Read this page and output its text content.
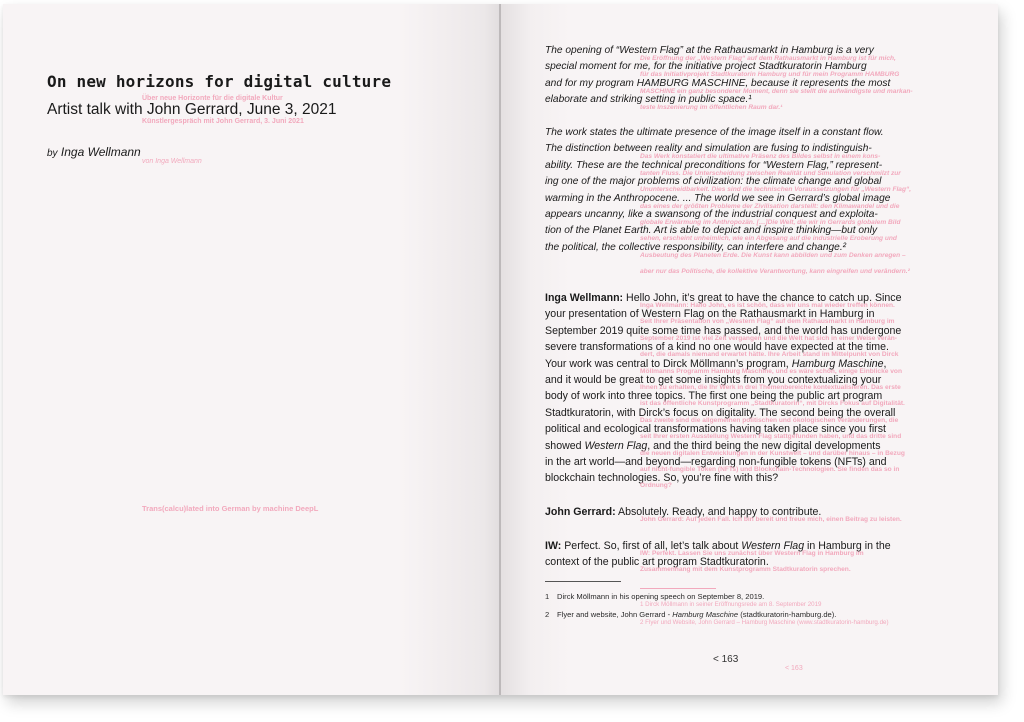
On new horizons for digital culture
Über neue Horizonte für die digitale Kultur
Artist talk with John Gerrard, June 3, 2021
Künstlergespräch mit John Gerrard, 3. Juni 2021
by Inga Wellmann
von Inga Wellmann
Trans(calcu)lated into German by machine DeepL
The opening of “Western Flag” at the Rathausmarkt in Hamburg is a very
Die Eröffnung der „Western Flag“ auf dem Rathausmarkt in Hamburg ist für mich,
special moment for me, for the initiative project Stadtkuratorin Hamburg
für das Initiativprojekt Stadtkuratorin Hamburg und für mein Programm HAMBURG
and for my program HAMBURG MASCHINE, because it represents the most
MASCHINE ein ganz besonderer Moment, denn sie stellt die aufwändigste und markan-
elaborate and striking setting in public space.¹
teste Inszenierung im öffentlichen Raum dar.¹
The work states the ultimate presence of the image itself in a constant flow.
The distinction between reality and simulation are fusing to indistinguish-
Das Werk konstatiert die ultimative Präsenz des Bildes selbst in einem kons-
ability. These are the technical preconditions for “Western Flag,” represent-
tanten Fluss. Die Unterscheidung zwischen Realität und Simulation verschmilzt zur
ing one of the major problems of civilization: the climate change and global
Ununterscheidbarkeit. Dies sind die technischen Voraussetzungen für „Western Flag“,
warming in the Anthropocene. ... The world we see in Gerrard’s global image
das eines der größten Probleme der Zivilisation darstellt: den Klimawandel und die
appears uncanny, like a swansong of the industrial conquest and exploita-
globale Erwärmung im Anthropozän. […]Die Welt, die wir in Gerrards globalem Bild
tion of the Planet Earth. Art is able to depict and inspire thinking—but only
sehen, erscheint unheimlich, wie ein Abgesang auf die industrielle Eroberung und
the political, the collective responsibility, can interfere and change.²
Ausbeutung des Planeten Erde. Die Kunst kann abbilden und zum Denken anregen –
aber nur das Politische, die kollektive Verantwortung, kann eingreifen und verändern.²
Inga Wellmann: Hello John, it’s great to have the chance to catch up. Since
Inga Wellmann: Hallo John, es ist schön, dass wir uns mal wieder treffen können.
your presentation of Western Flag on the Rathausmarkt in Hamburg in
Seit Ihrer Präsentation von „Western Flag“ auf dem Rathausmarkt in Hamburg im
September 2019 quite some time has passed, and the world has undergone
September 2019 ist viel Zeit vergangen und die Welt hat sich in einer Weise verän-
severe transformations of a kind no one would have expected at the time.
dert, die damals niemand erwartet hätte. Ihre Arbeit stand im Mittelpunkt von Dirck
Your work was central to Dirck Möllmann’s program, Hamburg Maschine,
Möllmanns Programm Hamburg Maschine, und es wäre schön, einige Einblicke von
and it would be great to get some insights from you contextualizing your
Ihnen zu erhalten, die Ihr Werk in drei Themenbereiche kontextualisieren. Das erste
body of work into three topics. The first one being the public art program
ist das öffentliche Kunstprogramm „Stadtkuratorin“, mit Dircks Fokus auf Digitalität.
Stadtkuratorin, with Dirck’s focus on digitality. The second being the overall
Das zweite sind die allgemeinen politischen und ökologischen Veränderungen, die
political and ecological transformations having taken place since you first
seit Ihrer ersten Ausstellung Western Flag stattgefunden haben, und das dritte sind
showed Western Flag, and the third being the new digital developments
die neuen digitalen Entwicklungen in der Kunstwelt – und darüber hinaus – in Bezug
in the art world—and beyond—regarding non-fungible tokens (NFTs) and
auf nicht-fungible Token (NFTs) und Blockchain-Technologien. Sie finden das so in
blockchain technologies. So, you’re fine with this?
Ordnung?
John Gerrard: Absolutely. Ready, and happy to contribute.
John Gerrard: Auf jeden Fall. Ich bin bereit und freue mich, einen Beitrag zu leisten.
IW: Perfect. So, first of all, let’s talk about Western Flag in Hamburg in the
IW: Perfekt. Lassen Sie uns zunächst über Western Flag in Hamburg im
context of the public art program Stadtkuratorin.
Zusammenhang mit dem Kunstprogramm Stadtkuratorin sprechen.
1 Dirck Möllmann in his opening speech on September 8, 2019.
1 Dirck Möllmann in seiner Eröffnungsrede am 8. September 2019
2 Flyer and website, John Gerrard - Hamburg Maschine (stadtkuratorin-hamburg.de).
2 Flyer und Website, John Gerrard – Hamburg Maschine (www.stadtkuratorin-hamburg.de)
< 163
< 163
